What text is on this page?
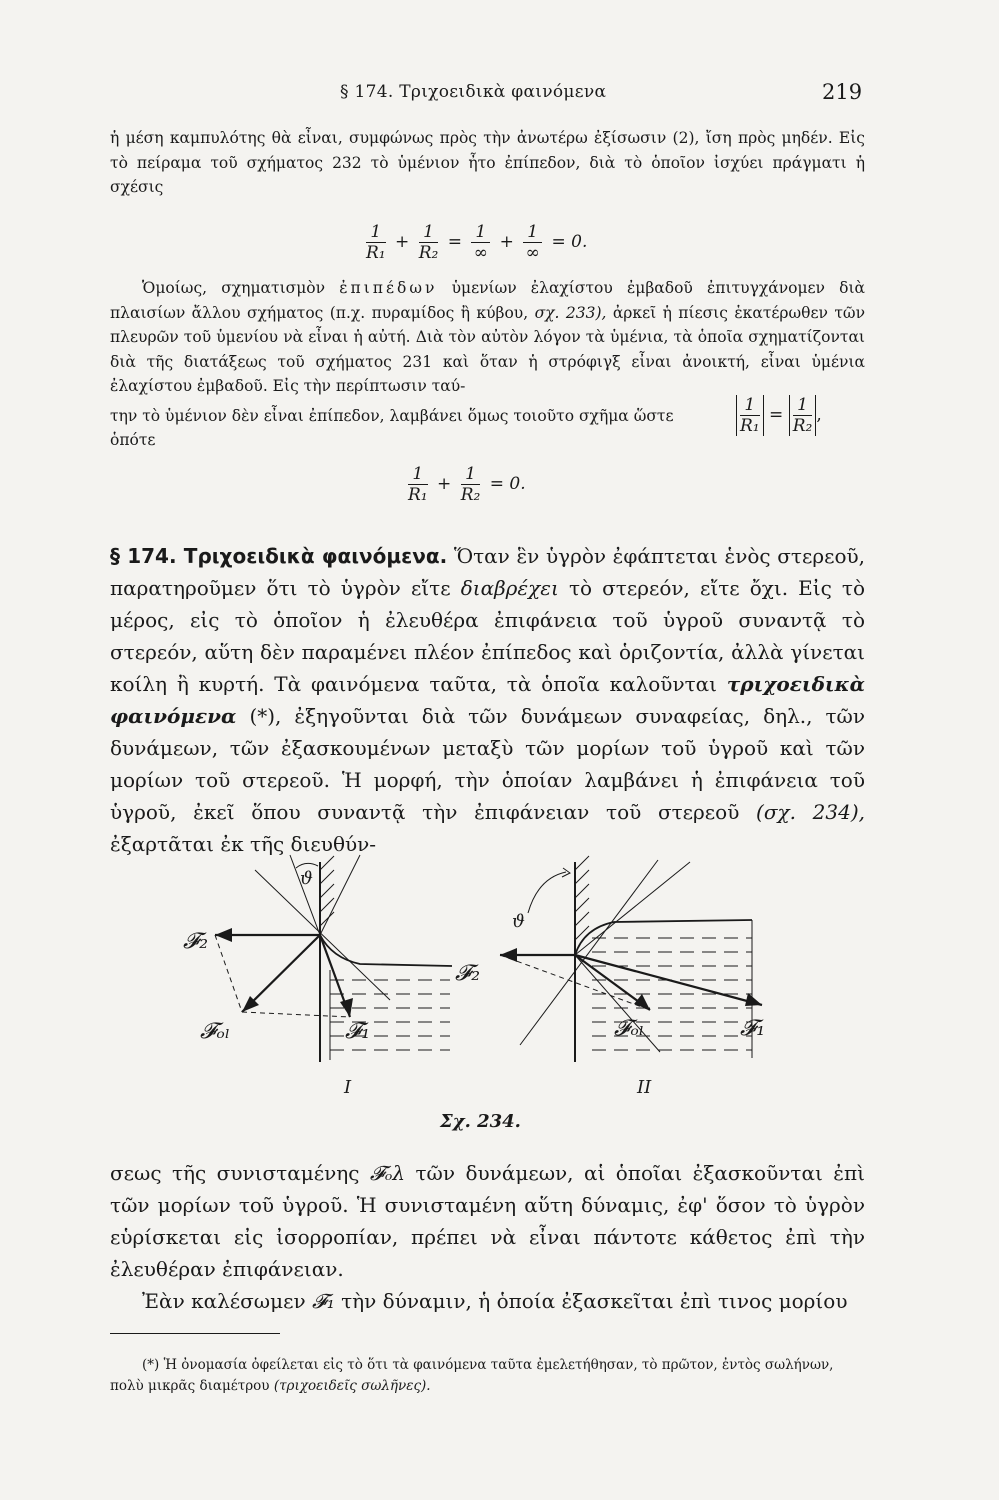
§ 174. Τριχοειδικὰ φαινόμενα	219

ἡ μέση καμπυλότης θὰ εἶναι, συμφώνως πρὸς τὴν ἀνωτέρω ἐξίσωσιν (2), ἴση πρὸς μηδέν. Εἰς τὸ πείραμα τοῦ σχήματος 232 τὸ ὑμένιον ἦτο ἐπίπεδον, διὰ τὸ ὁποῖον ἰσχύει πράγματι ἡ σχέσις

$\frac{1}{\text{R₁}} + \frac{1}{\text{R₂}} = \frac{1}{\infty} + \frac{1}{\infty} = 0$.

Ὁμοίως, σχηματισμὸν ἐπιπέδων ὑμενίων ἐλαχίστου ἐμβαδοῦ ἐπιτυγχάνομεν διὰ πλαισίων ἄλλου σχήματος (π.χ. πυραμίδος ἢ κύβου, σχ. 233), ἀρκεῖ ἡ πίεσις ἑκατέρωθεν τῶν πλευρῶν τοῦ ὑμενίου νὰ εἶναι ἡ αὐτή. Διὰ τὸν αὐτὸν λόγον τὰ ὑμένια, τὰ ὁποῖα σχηματίζονται διὰ τῆς διατάξεως τοῦ σχήματος 231 καὶ ὅταν ἡ στρόφιγξ εἶναι ἀνοικτή, εἶναι ὑμένια ἐλαχίστου ἐμβαδοῦ. Εἰς τὴν περίπτωσιν ταύ-

την τὸ ὑμένιον δὲν εἶναι ἐπίπεδον, λαμβάνει ὅμως τοιοῦτο σχῆμα ὥστε

ὁπότε

$\frac{1}{\text{R₁}} = \frac{1}{\text{R₂}}$ ,
$\frac{1}{\text{R₁}} + \frac{1}{\text{R₂}} = 0$.

§ 174. Τριχοειδικὰ φαινόμενα. Ὅταν ἓν ὑγρὸν ἐφάπτεται ἑνὸς στερεοῦ, παρατηροῦμεν ὅτι τὸ ὑγρὸν εἴτε διαβρέχει τὸ στερεόν, εἴτε ὄχι. Εἰς τὸ μέρος, εἰς τὸ ὁποῖον ἡ ἐλευθέρα ἐπιφάνεια τοῦ ὑγροῦ συναντᾷ τὸ στερεόν, αὕτη δὲν παραμένει πλέον ἐπίπεδος καὶ ὁριζοντία, ἀλλὰ γίνεται κοίλη ἢ κυρτή. Τὰ φαινόμενα ταῦτα, τὰ ὁποῖα καλοῦνται τριχοειδικὰ φαινόμενα (*), ἐξηγοῦνται διὰ τῶν δυνάμεων συναφείας, δηλ., τῶν δυνάμεων, τῶν ἐξασκουμένων μεταξὺ τῶν μορίων τοῦ ὑγροῦ καὶ τῶν μορίων τοῦ στερεοῦ. Ἡ μορφή, τὴν ὁποίαν λαμβάνει ἡ ἐπιφάνεια τοῦ ὑγροῦ, ἐκεῖ ὅπου συναντᾷ τὴν ἐπιφάνειαν τοῦ στερεοῦ (σχ. 234), ἐξαρτᾶται ἐκ τῆς διευθύν-

ϑ
𝓕₂
𝓕ₒₗ	𝓕₁
ϑ
𝓕₂
𝓕ₒₗ	𝓕₁
I	II
Σχ. 234.

σεως τῆς συνισταμένης 𝓕ₒλ τῶν δυνάμεων, αἱ ὁποῖαι ἐξασκοῦνται ἐπὶ τῶν μορίων τοῦ ὑγροῦ. Ἡ συνισταμένη αὕτη δύναμις, ἐφ' ὅσον τὸ ὑγρὸν εὑρίσκεται εἰς ἰσορροπίαν, πρέπει νὰ εἶναι πάντοτε κάθετος ἐπὶ τὴν ἐλευθέραν ἐπιφάνειαν.

Ἐὰν καλέσωμεν 𝓕₁ τὴν δύναμιν, ἡ ὁποία ἐξασκεῖται ἐπὶ τινος μορίου

(*) Ἡ ὀνομασία ὀφείλεται εἰς τὸ ὅτι τὰ φαινόμενα ταῦτα ἐμελετήθησαν, τὸ πρῶτον, ἐντὸς σωλήνων, πολὺ μικρᾶς διαμέτρου (τριχοειδεῖς σωλῆνες).
